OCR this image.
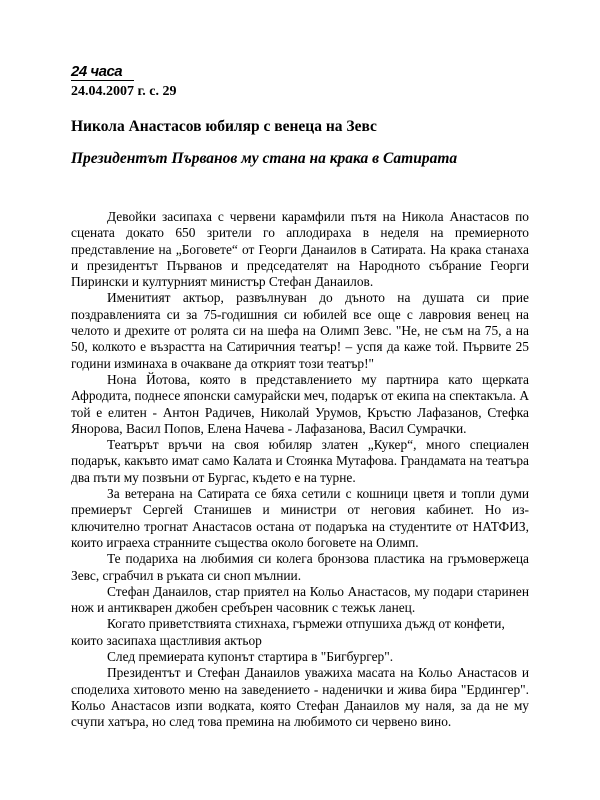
24 часа
24.04.2007 г. с. 29
Никола Анастасов юбиляр с венеца на Зевс
Президентът Първанов му стана на крака в Сатирата

Девойки засипаха с червени карамфили пътя на Никола Анастасов по сцената докато 650 зрители го аплодираха в неделя на премиерното представление на „Боговете“ от Георги Данаилов в Сатирата. На крака станаха и президентът Първанов и председателят на Народното събрание Георги Пирински и културният министър Стефан Данаилов.

Именитият актьор, развълнуван до дъното на душата си прие поздравленията си за 75-годишния си юбилей все още с лавровия венец на челото и дрехите от ролята си на шефа на Олимп Зевс. "Не, не съм на 75, а на 50, колкото е възрастта на Сатиричния театър! – успя да каже той. Първите 25 години изминаха в очакване да открият този театър!"

Нона Йотова, която в представлението му партнира като щерката Афродита, поднесе японски самурайски меч, подарък от екипа на спектакъла. А той е елитен - Антон Радичев, Николай Урумов, Кръстю Лафазанов, Стефка Янорова, Васил Попов, Елена Начева - Лафазанова, Васил Сумрачки.

Театърът връчи на своя юбиляр златен „Кукер“, много специален подарък, какъвто имат само Калата и Стоянка Мутафова. Грандамата на театъра два пъти му позвъни от Бургас, където е на турне.

За ветерана на Сатирата се бяха сетили с кошници цветя и топли думи премиерът Сергей Станишев и министри от неговия кабинет. Но из-ключително трогнат Анастасов остана от подаръка на студентите от НАТФИЗ, които играеха странните същества около боговете на Олимп.

Те подариха на любимия си колега бронзова пластика на гръмовержеца Зевс, сграбчил в ръката си сноп мълнии.

Стефан Данаилов, стар приятел на Кольо Анастасов, му подари старинен нож и антикварен джобен сребърен часовник с тежък ланец.

Когато приветствията стихнаха, гърмежи отпушиха дъжд от конфети, които засипаха щастливия актьор

След премиерата купонът стартира в "Бигбургер".

Президентът и Стефан Данаилов уважиха масата на Кольо Анастасов и споделиха хитовото меню на заведението - наденички и жива бира "Ердингер". Кольо Анастасов изпи водката, която Стефан Данаилов му наля, за да не му счупи хатъра, но след това премина на любимото си червено вино.
